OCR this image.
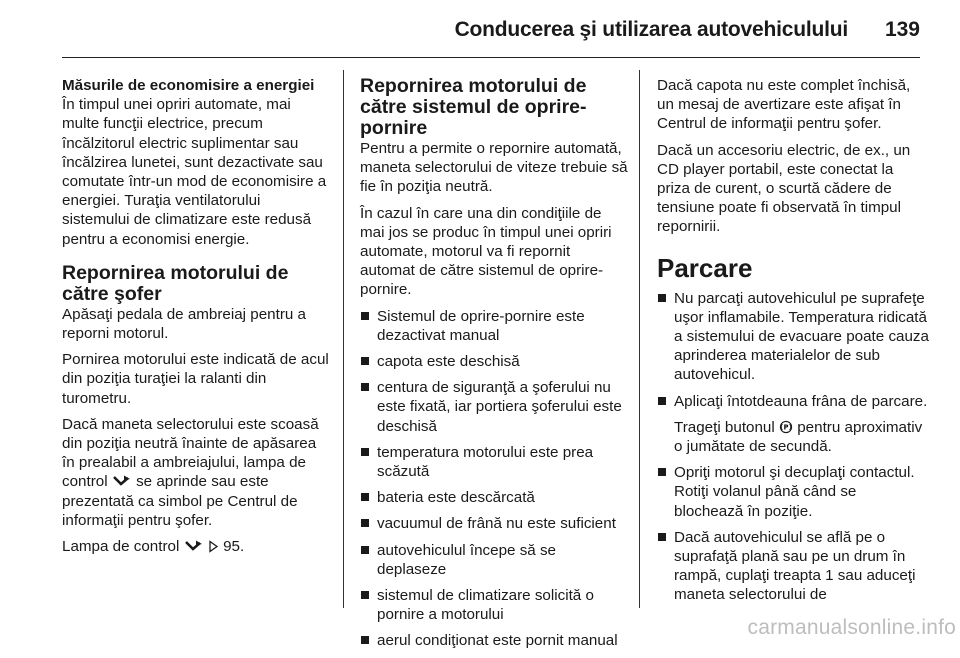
Conducerea şi utilizarea autovehiculului 139

Măsurile de economisire a energiei

În timpul unei opriri automate, mai multe funcţii electrice, precum încălzitorul electric suplimentar sau încălzirea lunetei, sunt dezactivate sau comutate într-un mod de economisire a energiei. Turaţia ventilatorului sistemului de climatizare este redusă pentru a economisi energie.

Repornirea motorului de către şofer

Apăsaţi pedala de ambreiaj pentru a reporni motorul.

Pornirea motorului este indicată de acul din poziţia turaţiei la ralanti din turometru.

Dacă maneta selectorului este scoasă din poziţia neutră înainte de apăsarea în prealabil a ambreiajului, lampa de control se aprinde sau este prezentată ca simbol pe Centrul de informaţii pentru şofer.

Lampa de control	95.

Repornirea motorului de către sistemul de oprire-pornire

Pentru a permite o repornire automată, maneta selectorului de viteze trebuie să fie în poziţia neutră.

În cazul în care una din condiţiile de mai jos se produc în timpul unei opriri automate, motorul va fi repornit automat de către sistemul de oprire-pornire.

Sistemul de oprire-pornire este dezactivat manual
capota este deschisă
centura de siguranţă a şoferului nu este fixată, iar portiera şoferului este deschisă
temperatura motorului este prea scăzută
bateria este descărcată
vacuumul de frână nu este suficient
autovehiculul începe să se deplaseze
sistemul de climatizare solicită o pornire a motorului
aerul condiţionat este pornit manual

Dacă capota nu este complet închisă, un mesaj de avertizare este afişat în Centrul de informaţii pentru şofer.

Dacă un accesoriu electric, de ex., un CD player portabil, este conectat la priza de curent, o scurtă cădere de tensiune poate fi observată în timpul repornirii.

Parcare
Nu parcaţi autovehiculul pe suprafeţe uşor inflamabile. Temperatura ridicată a sistemului de evacuare poate cauza aprinderea materialelor de sub autovehicul.

Aplicaţi întotdeauna frâna de parcare.

Trageţi butonul P pentru aproximativ o jumătate de secundă.

Opriţi motorul şi decuplaţi contactul. Rotiţi volanul până când se blochează în poziţie.
Dacă autovehiculul se află pe o suprafaţă plană sau pe un drum în rampă, cuplaţi treapta 1 sau aduceţi maneta selectorului de
carmanualsonline.info
